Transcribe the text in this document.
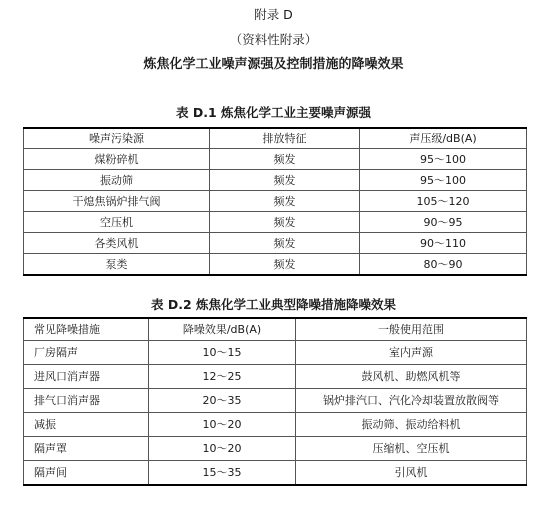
附录 D
（资料性附录）
炼焦化学工业噪声源强及控制措施的降噪效果
表 D.1 炼焦化学工业主要噪声源强
噪声污染源	排放特征	声压级/dB(A)
煤粉碎机	频发	95～100
振动筛	频发	95～100
干熄焦锅炉排气阀	频发	105～120
空压机	频发	90～95
各类风机	频发	90～110
泵类	频发	80～90
表 D.2 炼焦化学工业典型降噪措施降噪效果
常见降噪措施	降噪效果/dB(A)	一般使用范围
厂房隔声	10～15	室内声源
进风口消声器	12～25	鼓风机、助燃风机等
排气口消声器	20～35	锅炉排汽口、汽化冷却装置放散阀等
减振	10～20	振动筛、振动给料机
隔声罩	10～20	压缩机、空压机
隔声间	15～35	引风机
